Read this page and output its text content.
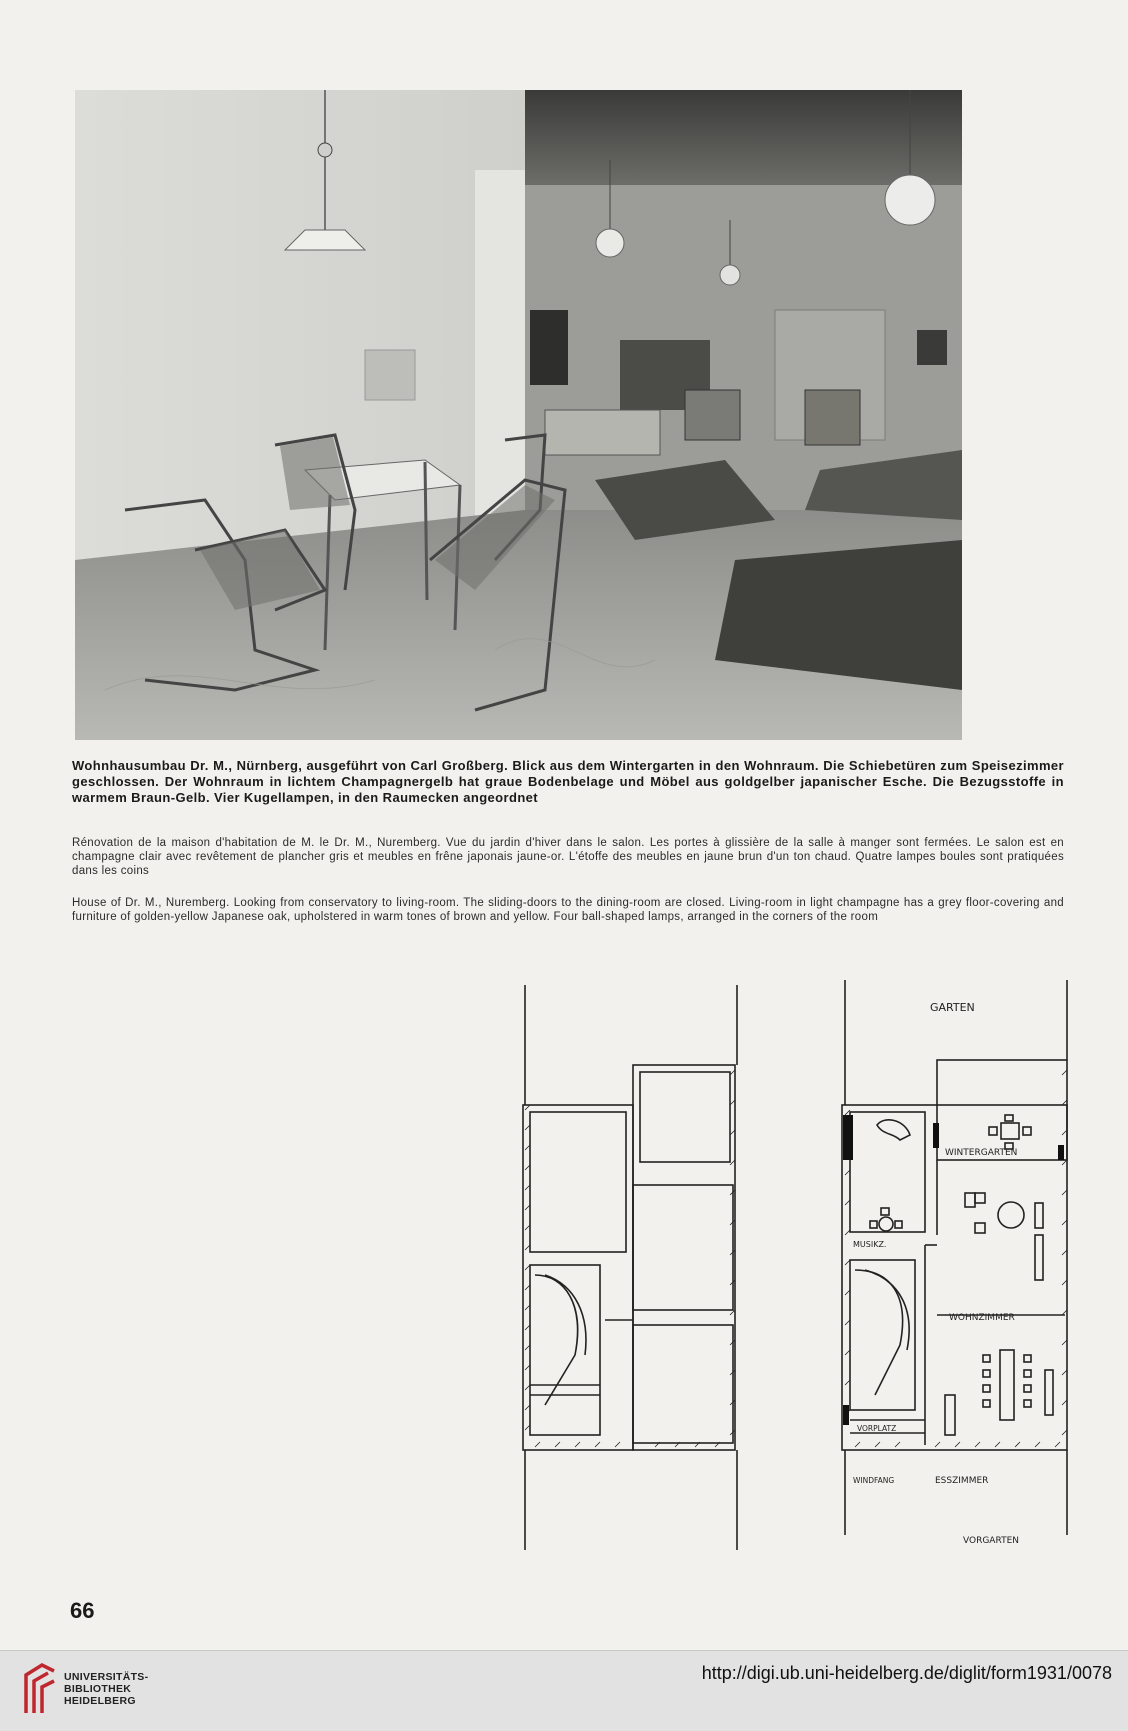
Wohnhausumbau Dr. M., Nürnberg, ausgeführt von Carl Großberg. Blick aus dem Wintergarten in den Wohnraum. Die Schiebetüren zum Speisezimmer geschlossen. Der Wohnraum in lichtem Champagnergelb hat graue Bodenbelage und Möbel aus goldgelber japanischer Esche. Die Bezugsstoffe in warmem Braun-Gelb. Vier Kugellampen, in den Raumecken angeordnet
Rénovation de la maison d'habitation de M. le Dr. M., Nuremberg. Vue du jardin d'hiver dans le salon. Les portes à glissière de la salle à manger sont fermées. Le salon est en champagne clair avec revêtement de plancher gris et meubles en frêne japonais jaune-or. L'étoffe des meubles en jaune brun d'un ton chaud. Quatre lampes boules sont pratiquées dans les coins
House of Dr. M., Nuremberg. Looking from conservatory to living-room. The sliding-doors to the dining-room are closed. Living-room in light champagne has a grey floor-covering and furniture of golden-yellow Japanese oak, upholstered in warm tones of brown and yellow. Four ball-shaped lamps, arranged in the corners of the room
GARTEN
WINTERGARTEN
MUSIKZ.
WOHNZIMMER
VORPLATZ
WINDFANG	ESSZIMMER
VORGARTEN
66
UNIVERSITÄTS-
BIBLIOTHEK
HEIDELBERG
http://digi.ub.uni-heidelberg.de/diglit/form1931/0078
